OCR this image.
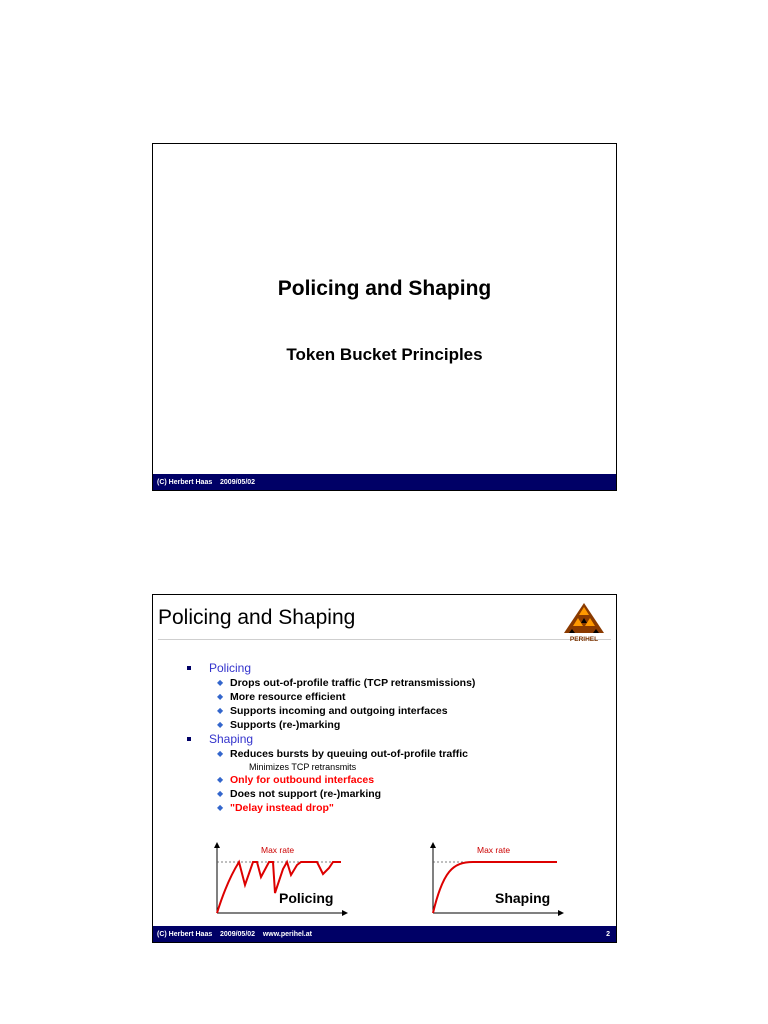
Policing and Shaping
Token Bucket Principles
(C) Herbert Haas    2009/05/02
Policing and Shaping
PERIHEL
Policing
◆ Drops out-of-profile traffic (TCP retransmissions)
◆ More resource efficient
◆ Supports incoming and outgoing interfaces
◆ Supports (re-)marking
Shaping
◆ Reduces bursts by queuing out-of-profile traffic
Minimizes TCP retransmits
◆ Only for outbound interfaces
◆ Does not support (re-)marking
◆ "Delay instead drop"
Max rate
Policing
Max rate
Shaping
(C) Herbert Haas    2009/05/02    www.perihel.at	2
